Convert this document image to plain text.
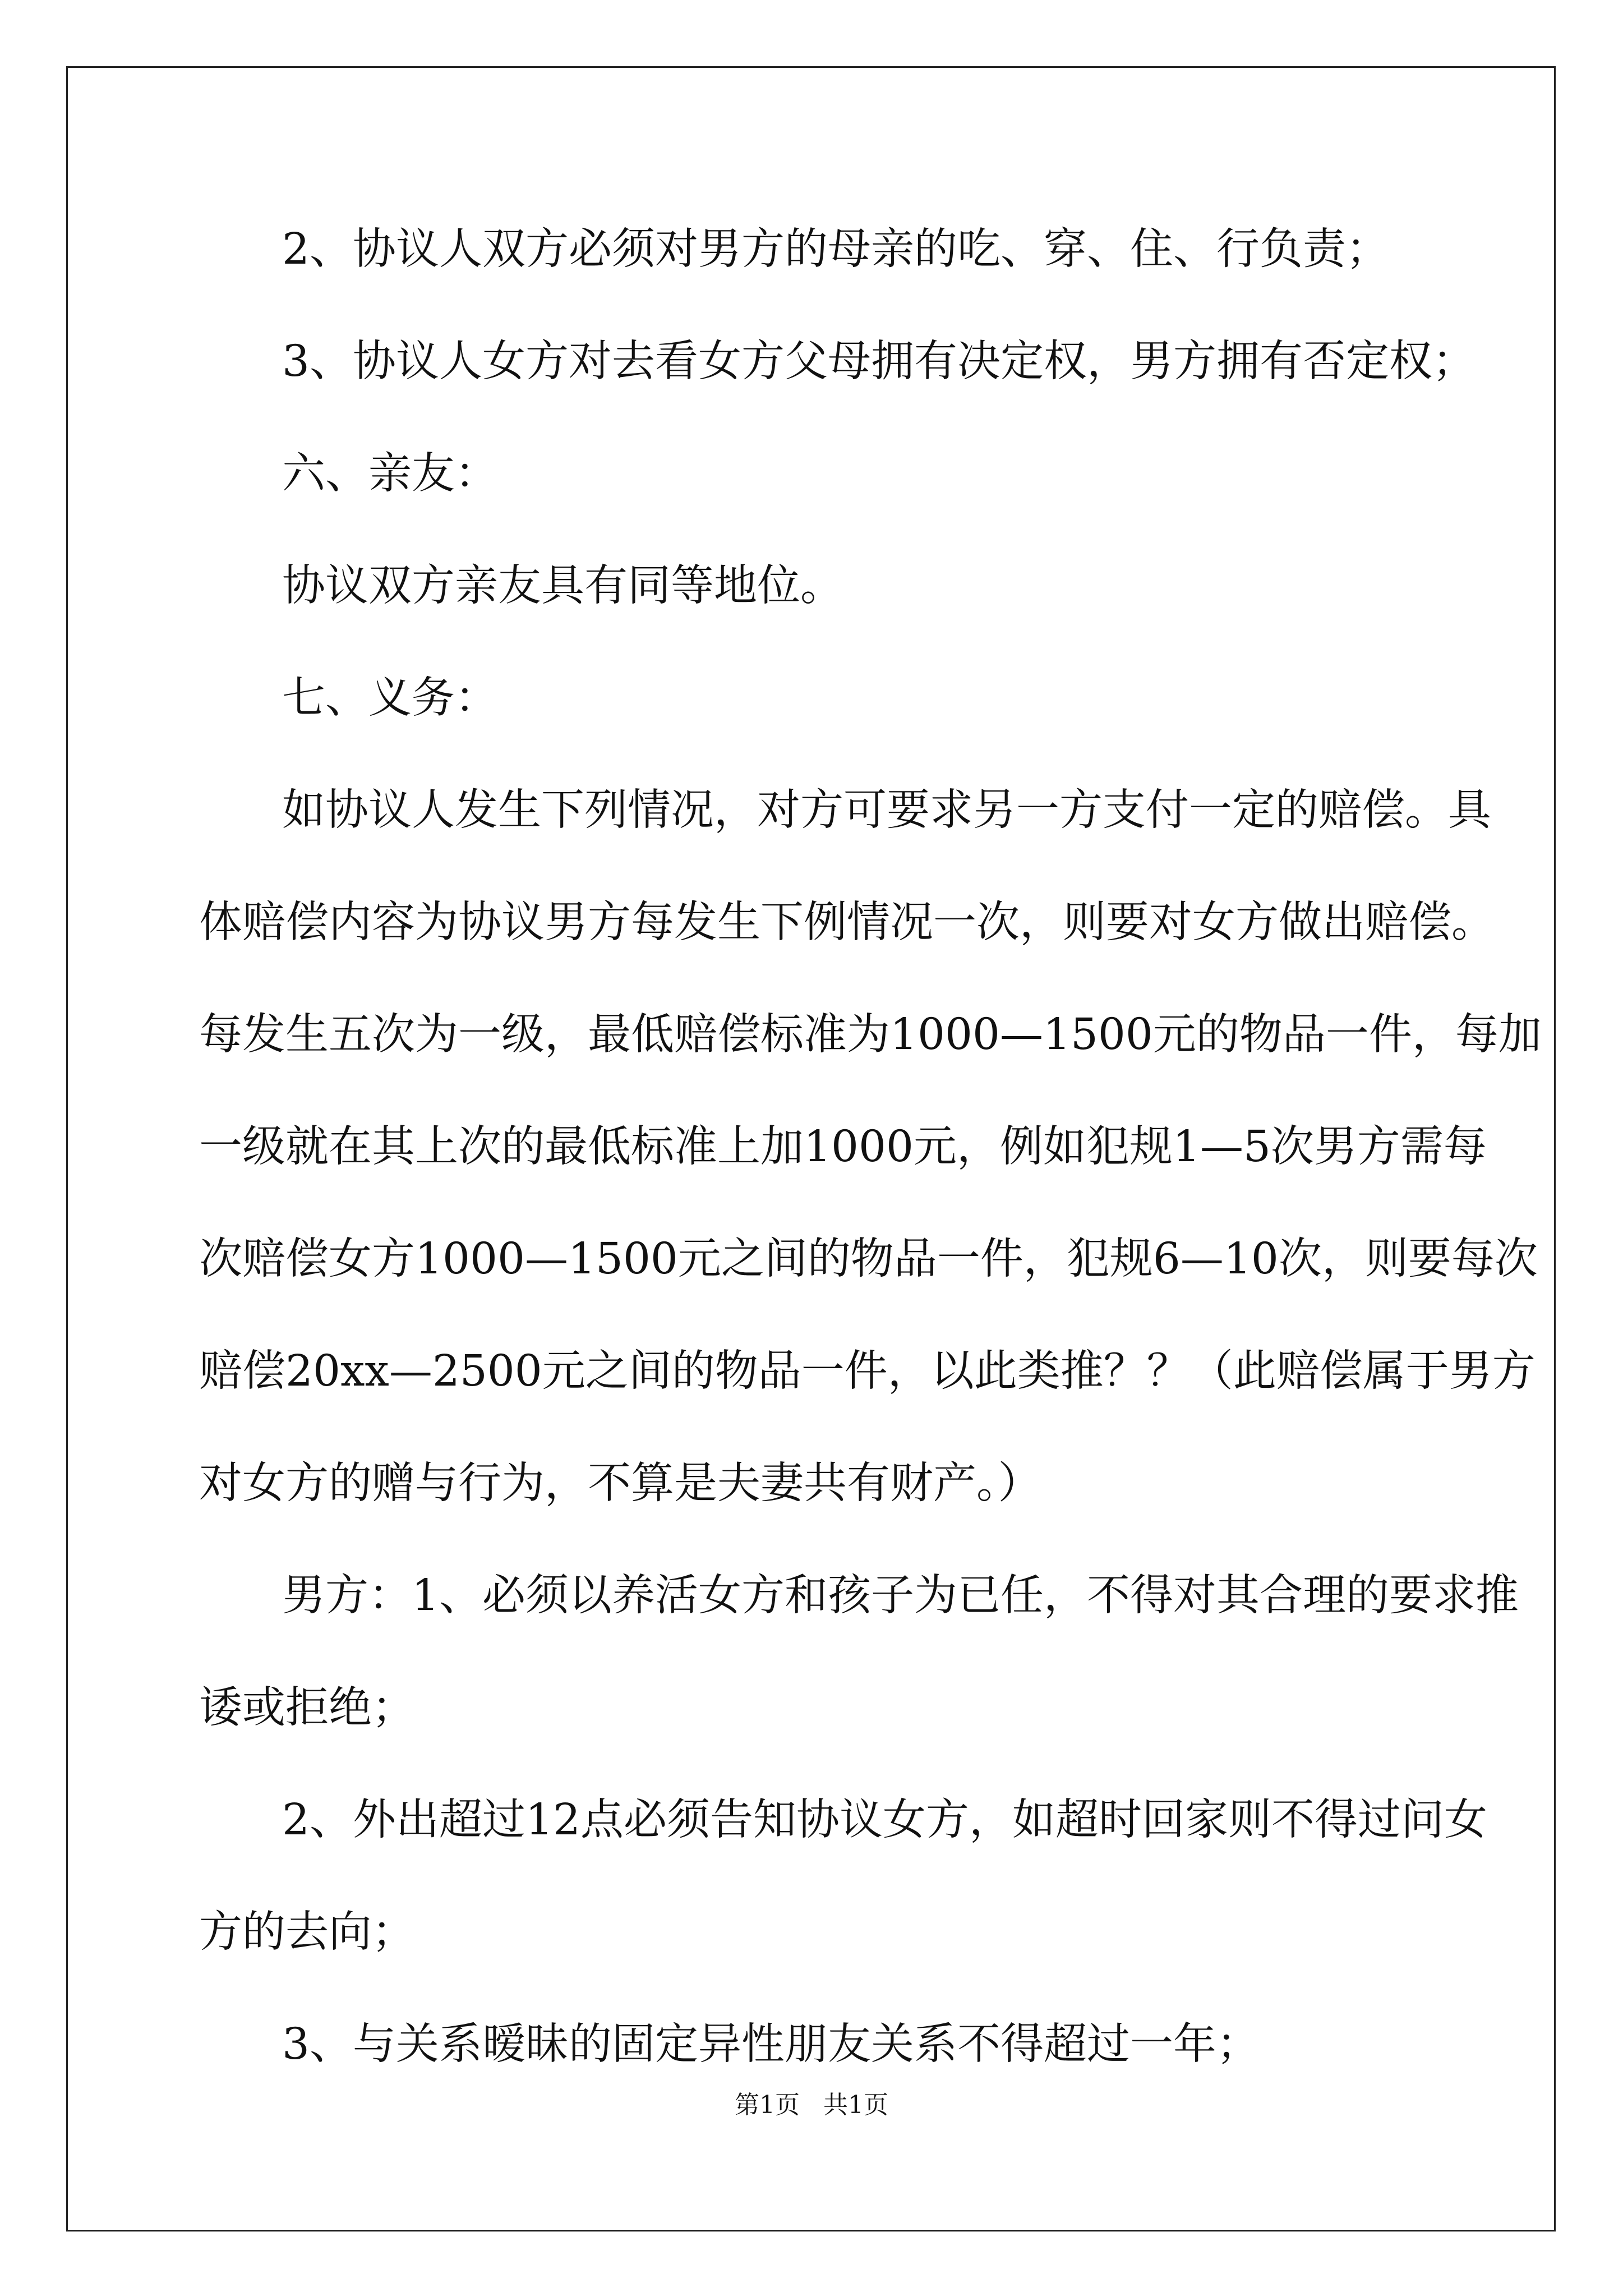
2、协议人双方必须对男方的母亲的吃、穿、住、行负责；
3、协议人女方对去看女方父母拥有决定权，男方拥有否定权；
六、亲友：
协议双方亲友具有同等地位。
七、义务：
如协议人发生下列情况，对方可要求另一方支付一定的赔偿。具
体赔偿内容为协议男方每发生下例情况一次，则要对女方做出赔偿。
每发生五次为一级，最低赔偿标准为1000—1500元的物品一件，每加
一级就在其上次的最低标准上加1000元，例如犯规1—5次男方需每
次赔偿女方1000—1500元之间的物品一件，犯规6—10次，则要每次
赔偿20xx—2500元之间的物品一件，以此类推？？（此赔偿属于男方
对女方的赠与行为，不算是夫妻共有财产。）
男方：1、必须以养活女方和孩子为已任，不得对其合理的要求推
诿或拒绝；
2、外出超过12点必须告知协议女方，如超时回家则不得过问女
方的去向；
3、与关系暧昧的固定异性朋友关系不得超过一年；
第1页   共1页
